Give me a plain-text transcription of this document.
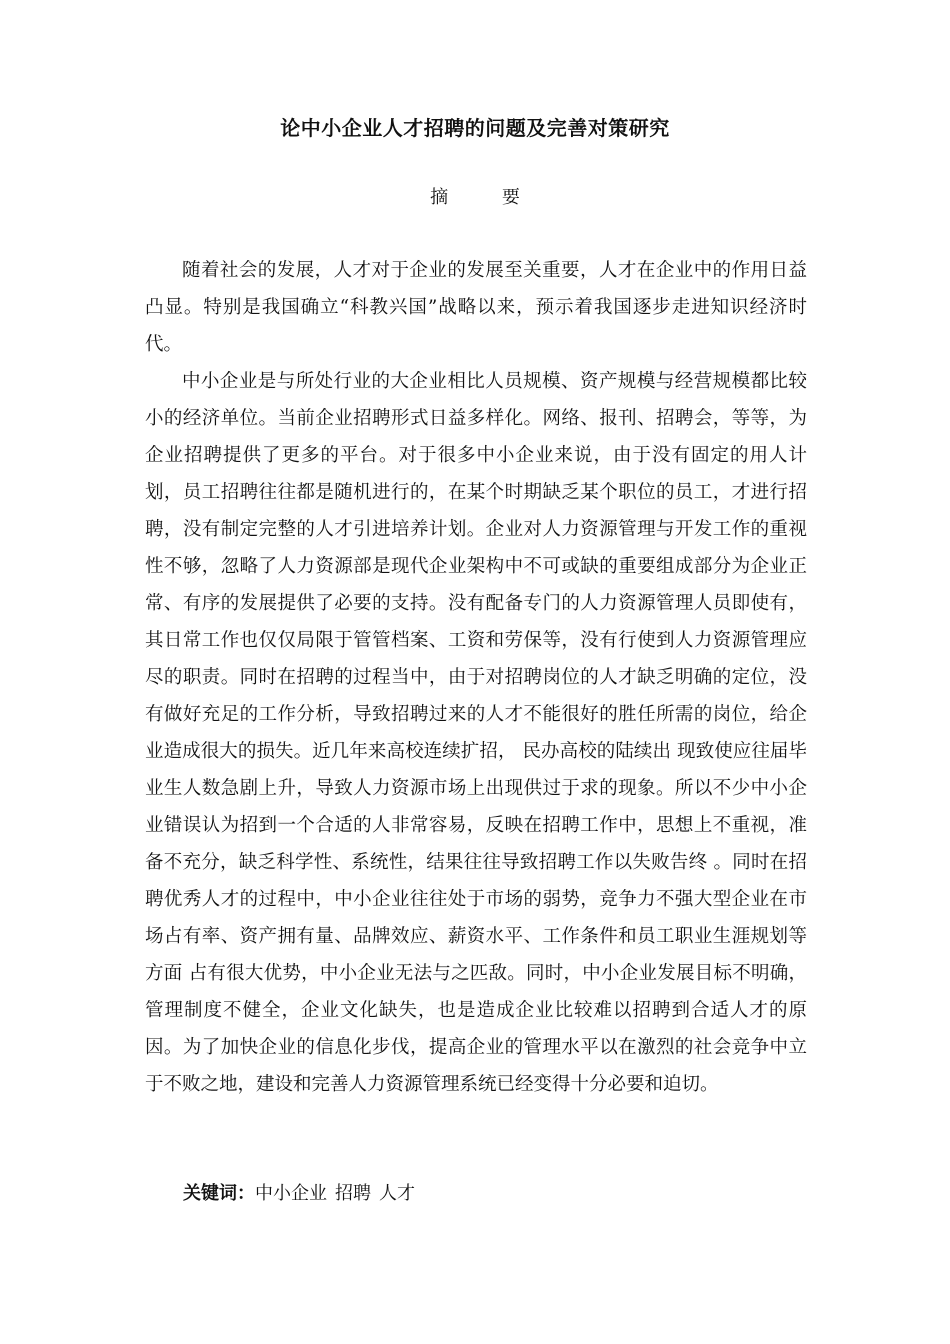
论中小企业人才招聘的问题及完善对策研究
摘 要

随着社会的发展，人才对于企业的发展至关重要，人才在企业中的作用日益凸显。特别是我国确立“科教兴国”战略以来，预示着我国逐步走进知识经济时代。

中小企业是与所处行业的大企业相比人员规模、资产规模与经营规模都比较小的经济单位。当前企业招聘形式日益多样化。网络、报刊、招聘会，等等，为企业招聘提供了更多的平台。对于很多中小企业来说，由于没有固定的用人计划，员工招聘往往都是随机进行的，在某个时期缺乏某个职位的员工，才进行招聘，没有制定完整的人才引进培养计划。企业对人力资源管理与开发工作的重视性不够，忽略了人力资源部是现代企业架构中不可或缺的重要组成部分为企业正常、有序的发展提供了必要的支持。没有配备专门的人力资源管理人员即使有，其日常工作也仅仅局限于管管档案、工资和劳保等，没有行使到人力资源管理应尽的职责。同时在招聘的过程当中，由于对招聘岗位的人才缺乏明确的定位，没有做好充足的工作分析，导致招聘过来的人才不能很好的胜任所需的岗位，给企业造成很大的损失。近几年来高校连续扩招， 民办高校的陆续出 现致使应往届毕业生人数急剧上升，导致人力资源市场上出现供过于求的现象。所以不少中小企业错误认为招到一个合适的人非常容易，反映在招聘工作中，思想上不重视，准备不充分，缺乏科学性、系统性，结果往往导致招聘工作以失败告终 。同时在招聘优秀人才的过程中，中小企业往往处于市场的弱势，竞争力不强大型企业在市场占有率、资产拥有量、品牌效应、薪资水平、工作条件和员工职业生涯规划等方面 占有很大优势，中小企业无法与之匹敌。同时，中小企业发展目标不明确，管理制度不健全，企业文化缺失，也是造成企业比较难以招聘到合适人才的原因。为了加快企业的信息化步伐，提高企业的管理水平以在激烈的社会竞争中立于不败之地，建设和完善人力资源管理系统已经变得十分必要和迫切。

关键词：中小企业 招聘 人才
